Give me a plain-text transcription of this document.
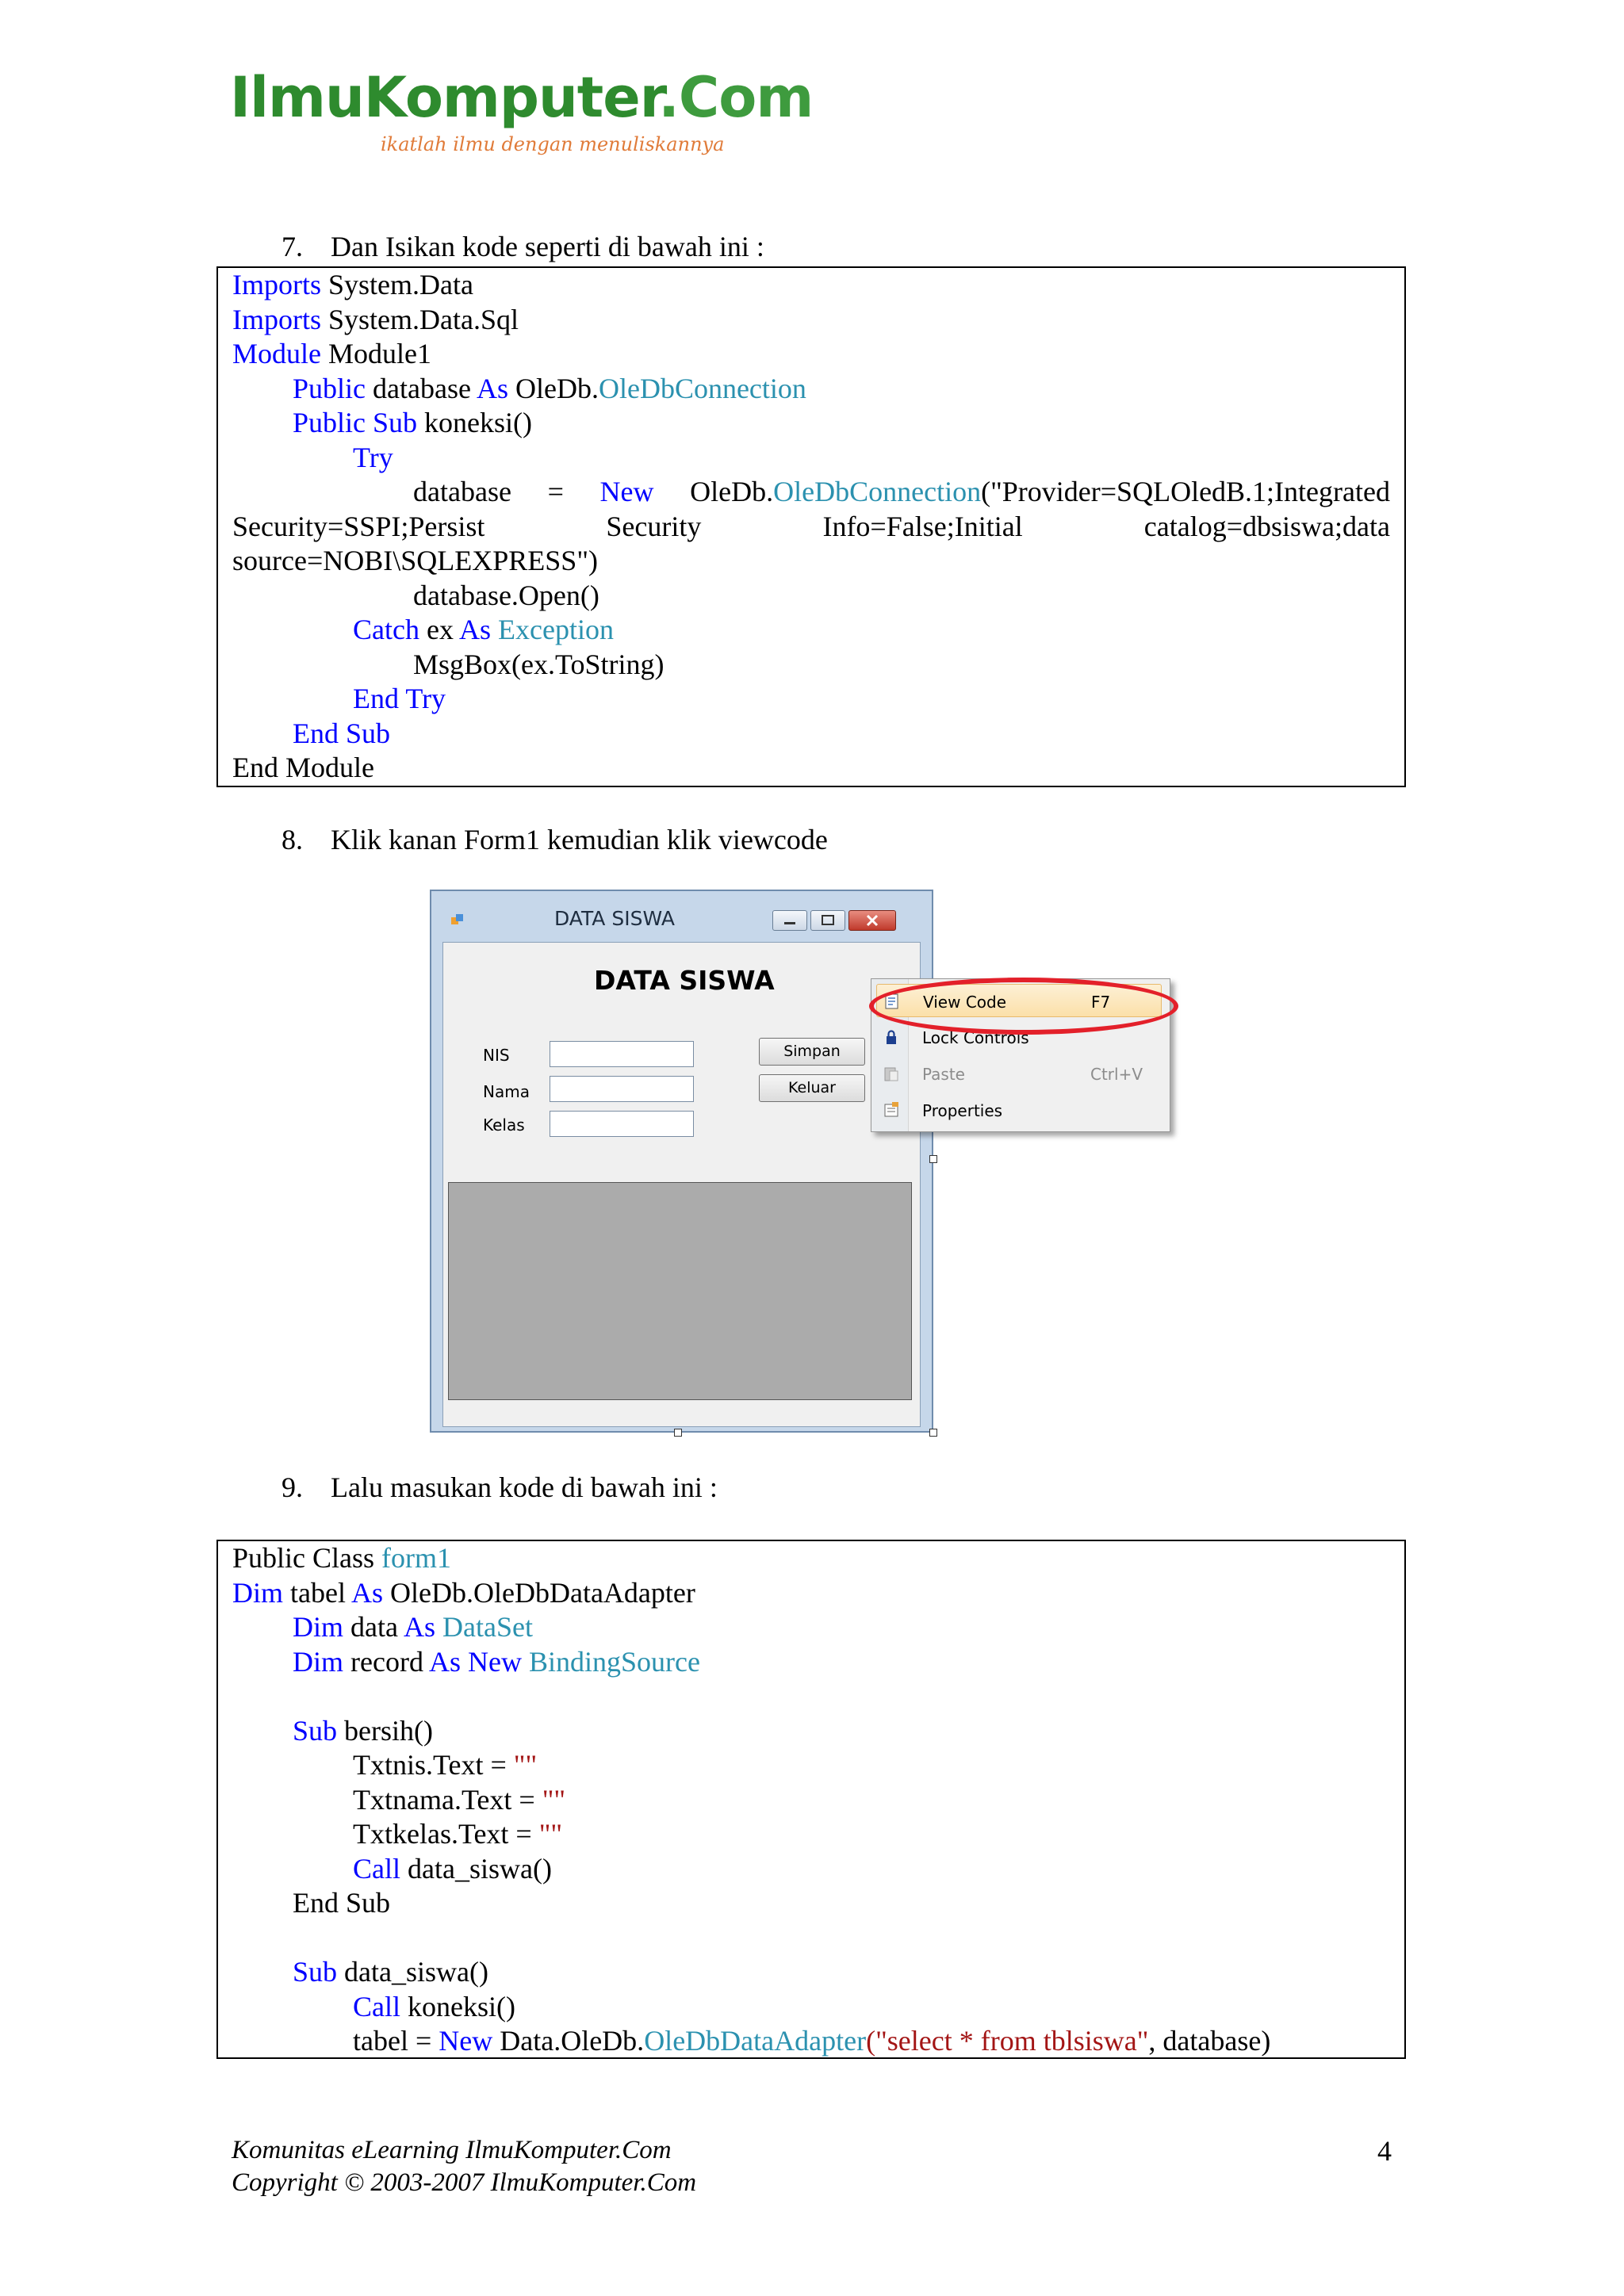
IlmuKomputer.Com
ikatlah ilmu dengan menuliskannya
7. Dan Isikan kode seperti di bawah ini :
Imports System.Data
Imports System.Data.Sql
Module Module1
Public database As OleDb.OleDbConnection
Public Sub koneksi()
Try
database = New OleDb.OleDbConnection("Provider=SQLOledB.1;Integrated
Security=SSPI;Persist	Security	Info=False;Initial	catalog=dbsiswa;data
source=NOBI\SQLEXPRESS")
database.Open()
Catch ex As Exception
MsgBox(ex.ToString)
End Try
End Sub
End Module
8. Klik kanan Form1 kemudian klik viewcode
DATA SISWA
DATA SISWA
NIS
Nama
Kelas
Simpan
Keluar
View Code	F7
Lock Controls
Paste	Ctrl+V
Properties
9. Lalu masukan kode di bawah ini :
Public Class form1
Dim tabel As OleDb.OleDbDataAdapter
Dim data As DataSet
Dim record As New BindingSource
Sub bersih()
Txtnis.Text = ""
Txtnama.Text = ""
Txtkelas.Text = ""
Call data_siswa()
End Sub
Sub data_siswa()
Call koneksi()
tabel = New Data.OleDb.OleDbDataAdapter("select * from tblsiswa", database)
Komunitas eLearning IlmuKomputer.Com
Copyright © 2003-2007 IlmuKomputer.Com
4
